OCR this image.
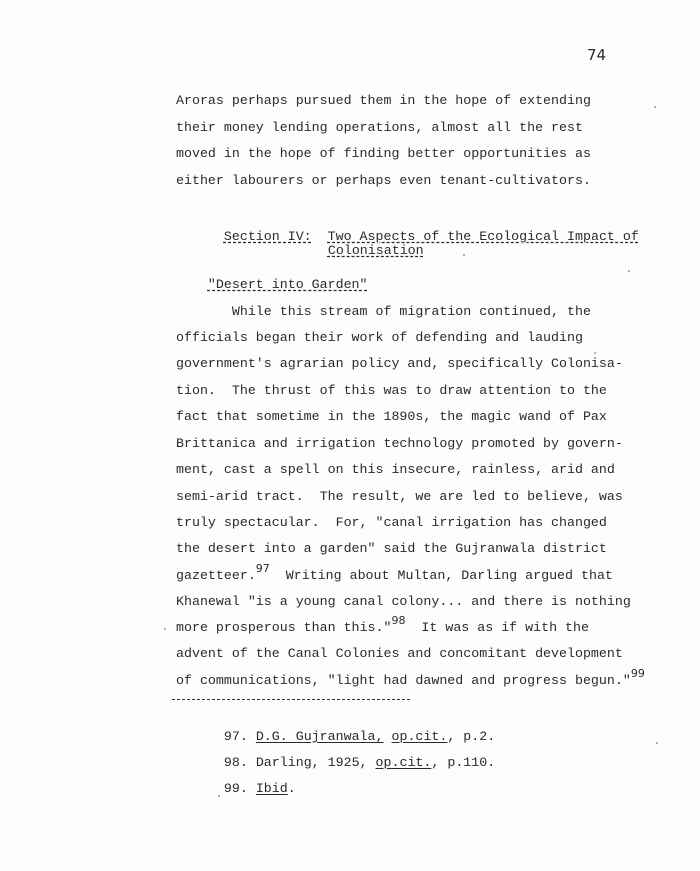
74
Aroras perhaps pursued them in the hope of extending
their money lending operations, almost all the rest
moved in the hope of finding better opportunities as
either labourers or perhaps even tenant-cultivators.

Section IV: Two Aspects of the Ecological Impact of

Colonisation

"Desert into Garden"

While this stream of migration continued, the
officials began their work of defending and lauding
government's agrarian policy and, specifically Colonisa-
tion.  The thrust of this was to draw attention to the
fact that sometime in the 1890s, the magic wand of Pax
Brittanica and irrigation technology promoted by govern-
ment, cast a spell on this insecure, rainless, arid and
semi-arid tract.  The result, we are led to believe, was
truly spectacular.  For, "canal irrigation has changed
the desert into a garden" said the Gujranwala district
gazetteer.$^{97}$  Writing about Multan, Darling argued that
Khanewal "is a young canal colony... and there is nothing
more prosperous than this."$^{98}$  It was as if with the
advent of the Canal Colonies and concomitant development
of communications, "light had dawned and progress begun."$^{99}$

97. D.G. Gujranwala, op.cit., p.2.

98. Darling, 1925, op.cit., p.110.

99. Ibid.
